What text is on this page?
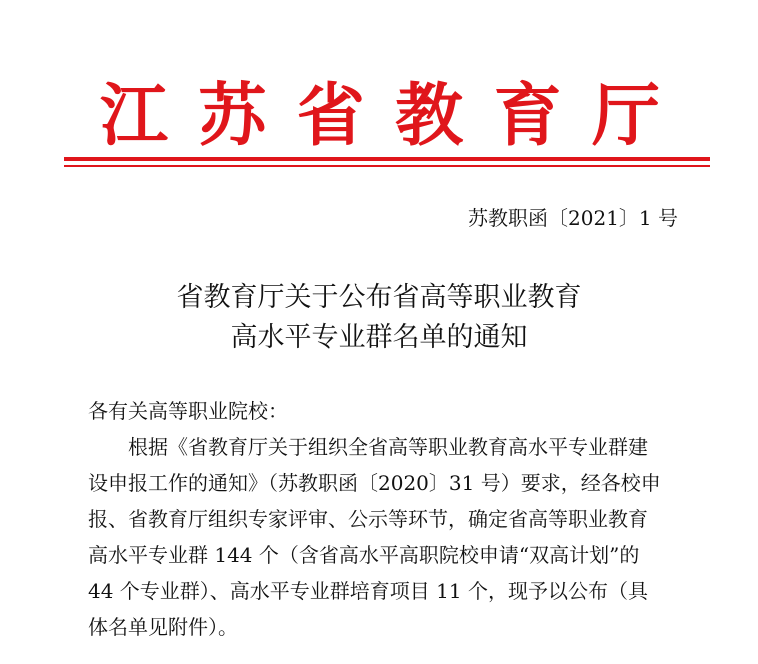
江 苏 省 教 育 厅
苏教职函〔2021〕1 号
省教育厅关于公布省高等职业教育
高水平专业群名单的通知

各有关高等职业院校：

根据《省教育厅关于组织全省高等职业教育高水平专业群建
设申报工作的通知》（苏教职函〔2020〕31 号）要求，经各校申
报、省教育厅组织专家评审、公示等环节，确定省高等职业教育
高水平专业群 144 个（含省高水平高职院校申请“双高计划”的
44 个专业群）、高水平专业群培育项目 11 个，现予以公布（具
体名单见附件）。
